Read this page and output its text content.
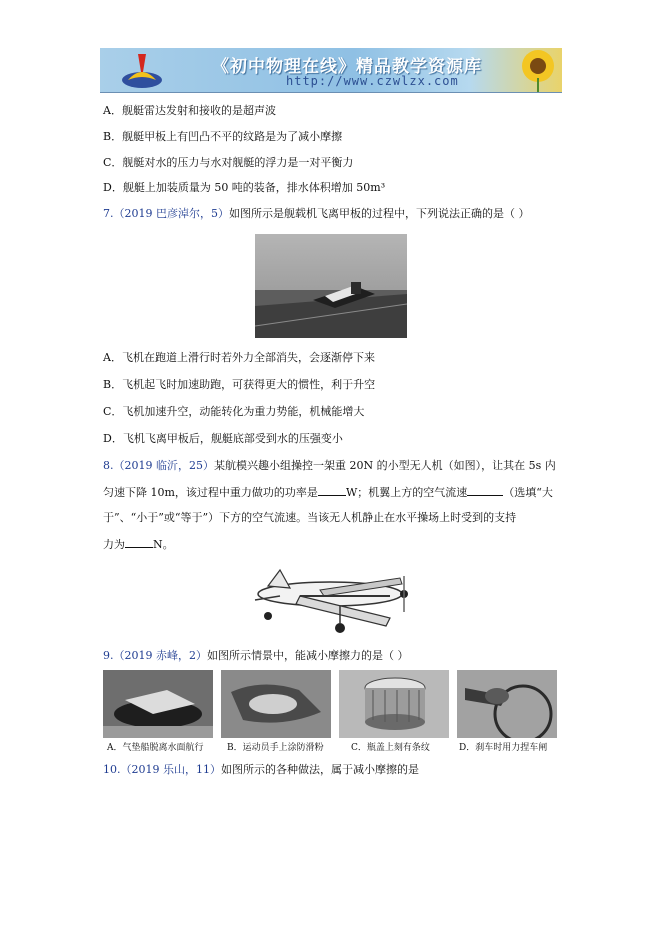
《初中物理在线》精品教学资源库
http://www.czwlzx.com
A．舰艇雷达发射和接收的是超声波
B．舰艇甲板上有凹凸不平的纹路是为了减小摩擦
C．舰艇对水的压力与水对舰艇的浮力是一对平衡力
D．舰艇上加装质量为 50 吨的装备，排水体积增加 50m³
7.（2019 巴彦淖尔，5）如图所示是舰载机飞离甲板的过程中，下列说法正确的是（ ）
A．飞机在跑道上滑行时若外力全部消失，会逐渐停下来
B．飞机起飞时加速助跑，可获得更大的惯性，利于升空
C．飞机加速升空，动能转化为重力势能，机械能增大
D．飞机飞离甲板后，舰艇底部受到水的压强变小
8.（2019 临沂，25）某航模兴趣小组操控一架重 20N 的小型无人机（如图），让其在 5s 内
匀速下降 10m，该过程中重力做功的功率是	W；机翼上方的空气流速	（选填“大
于”、“小于”或“等于”）下方的空气流速。当该无人机静止在水平操场上时受到的支持
力为	N。
9.（2019 赤峰，2）如图所示情景中，能减小摩擦力的是（ ）
A．气垫船脱离水面航行	B．运动员手上涂防滑粉	C．瓶盖上刻有条纹	D．刹车时用力捏车闸
10.（2019 乐山，11）如图所示的各种做法，属于减小摩擦的是
